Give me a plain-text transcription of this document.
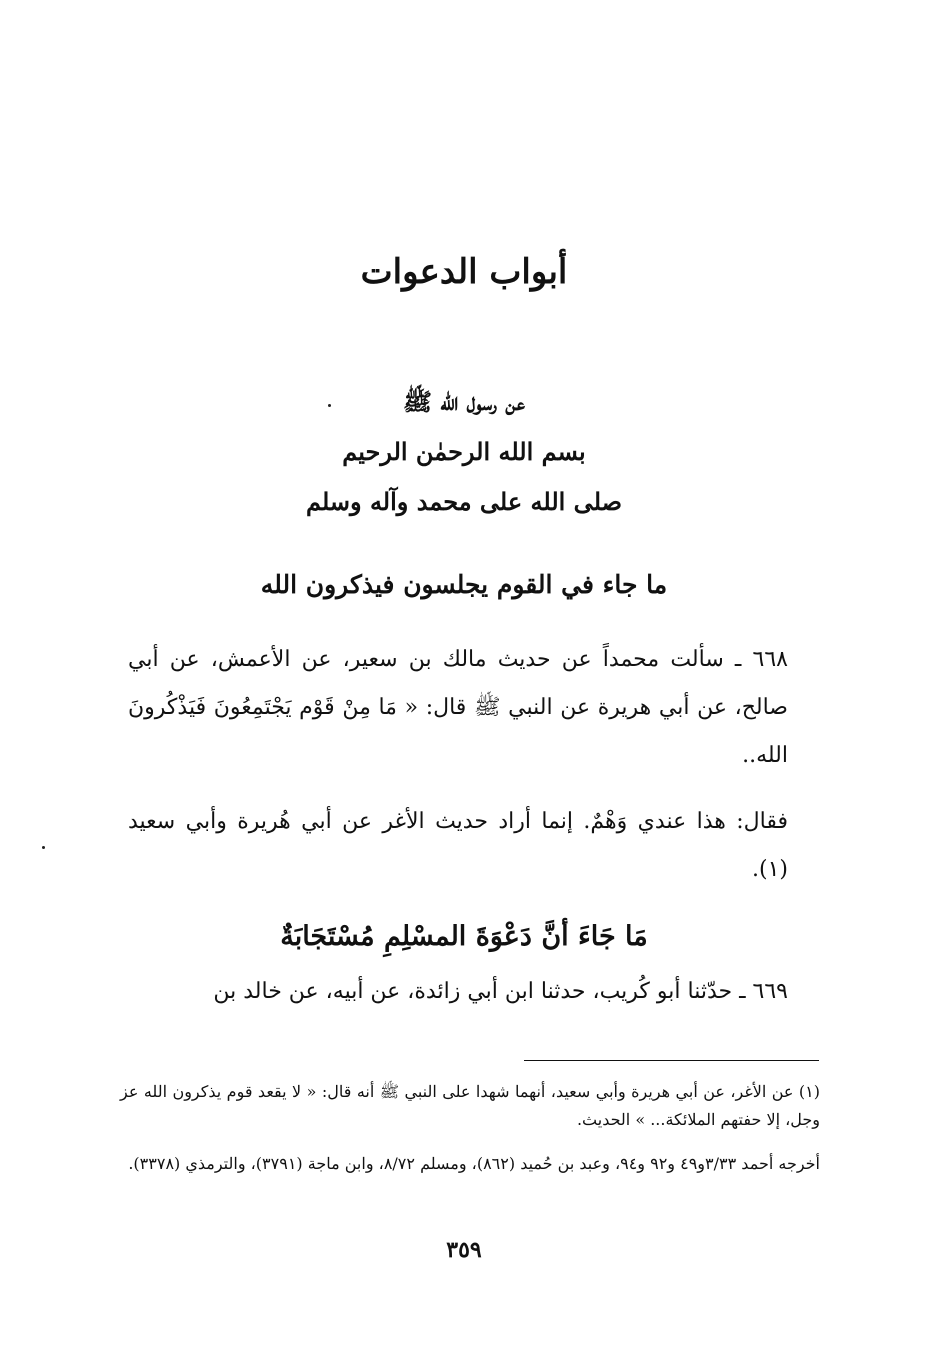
أبواب الدعوات
عن رسول الله ﷺ
بسم الله الرحمٰن الرحيم
صلى الله على محمد وآله وسلم
ما جاء في القوم يجلسون فيذكرون الله
٦٦٨ ـ سألت محمداً عن حديث مالك بن سعير، عن الأعمش، عن أبي صالح، عن أبي هريرة عن النبي ﷺ قال: « مَا مِنْ قَوْم يَجْتَمِعُونَ فَيَذْكُرونَ الله..
فقال: هذا عندي وَهْمٌ. إنما أراد حديث الأغر عن أبي هُريرة وأبي سعيد (١).
مَا جَاءَ أنَّ دَعْوَةَ المسْلِمِ مُسْتَجَابَةٌ
٦٦٩ ـ حدّثنا أبو كُريب، حدثنا ابن أبي زائدة، عن أبيه، عن خالد بن
(١) عن الأغر، عن أبي هريرة وأبي سعيد، أنهما شهدا على النبي ﷺ أنه قال: « لا يقعد قوم يذكرون الله عز وجل، إلا حفتهم الملائكة... » الحديث.
أخرجه أحمد ٣/٣٣و٤٩ و٩٢ و٩٤، وعبد بن حُميد (٨٦٢)، ومسلم ٨/٧٢، وابن ماجة (٣٧٩١)، والترمذي (٣٣٧٨).
٣٥٩
